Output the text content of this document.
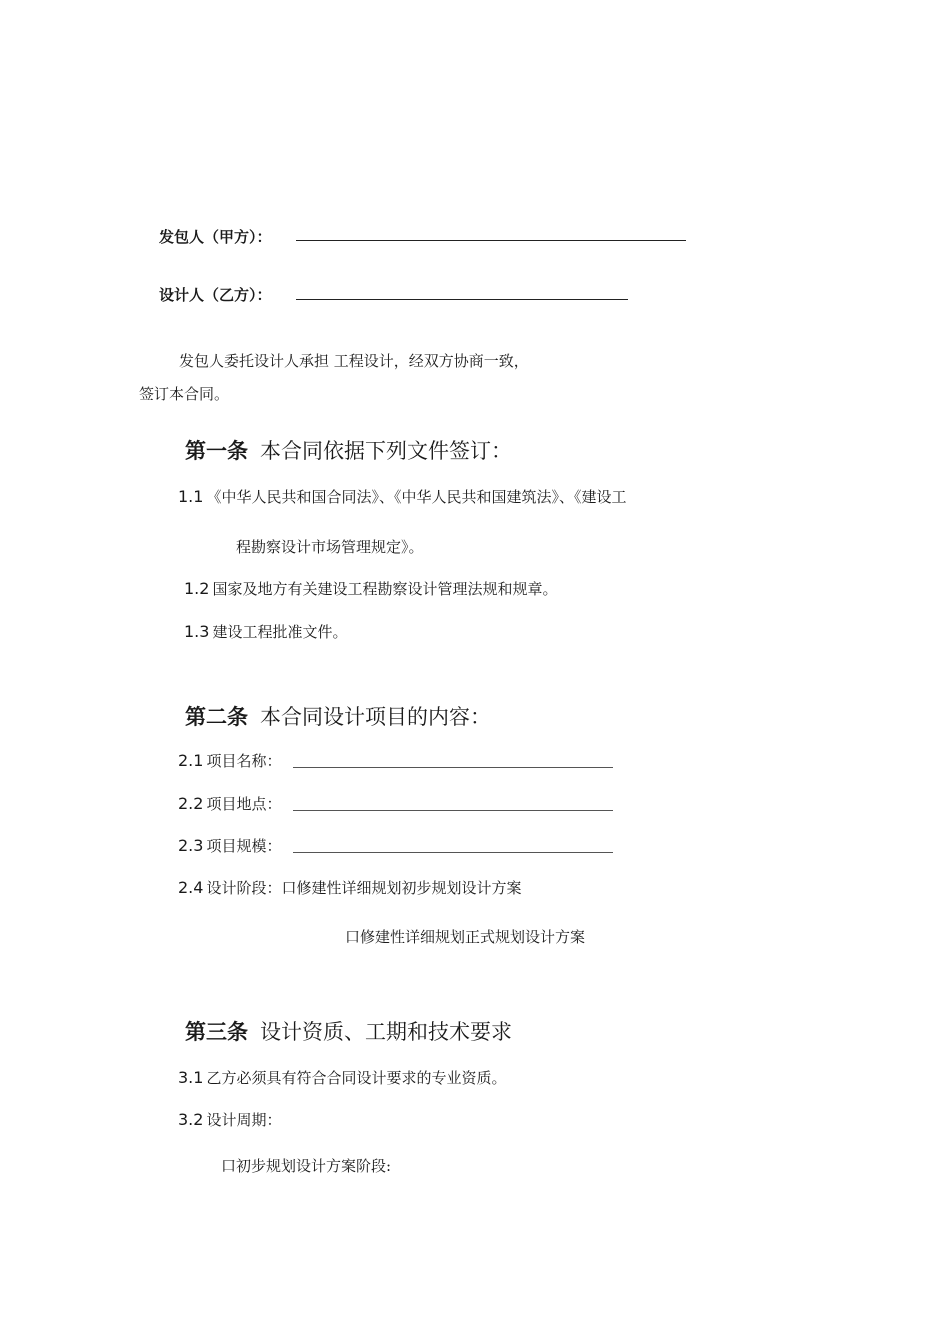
发包人（甲方）：
设计人（乙方）：
发包人委托设计人承担 工程设计，经双方协商一致，
签订本合同。
第一条 本合同依据下列文件签订：
1.1 《中华人民共和国合同法》、《中华人民共和国建筑法》、《建设工
程勘察设计市场管理规定》。
1.2 国家及地方有关建设工程勘察设计管理法规和规章。
1.3 建设工程批准文件。
第二条 本合同设计项目的内容：
2.1 项目名称：
2.2 项目地点：
2.3 项目规模：
2.4 设计阶段：口修建性详细规划初步规划设计方案
口修建性详细规划正式规划设计方案
第三条 设计资质、工期和技术要求
3.1 乙方必须具有符合合同设计要求的专业资质。
3.2 设计周期：
口初步规划设计方案阶段:
